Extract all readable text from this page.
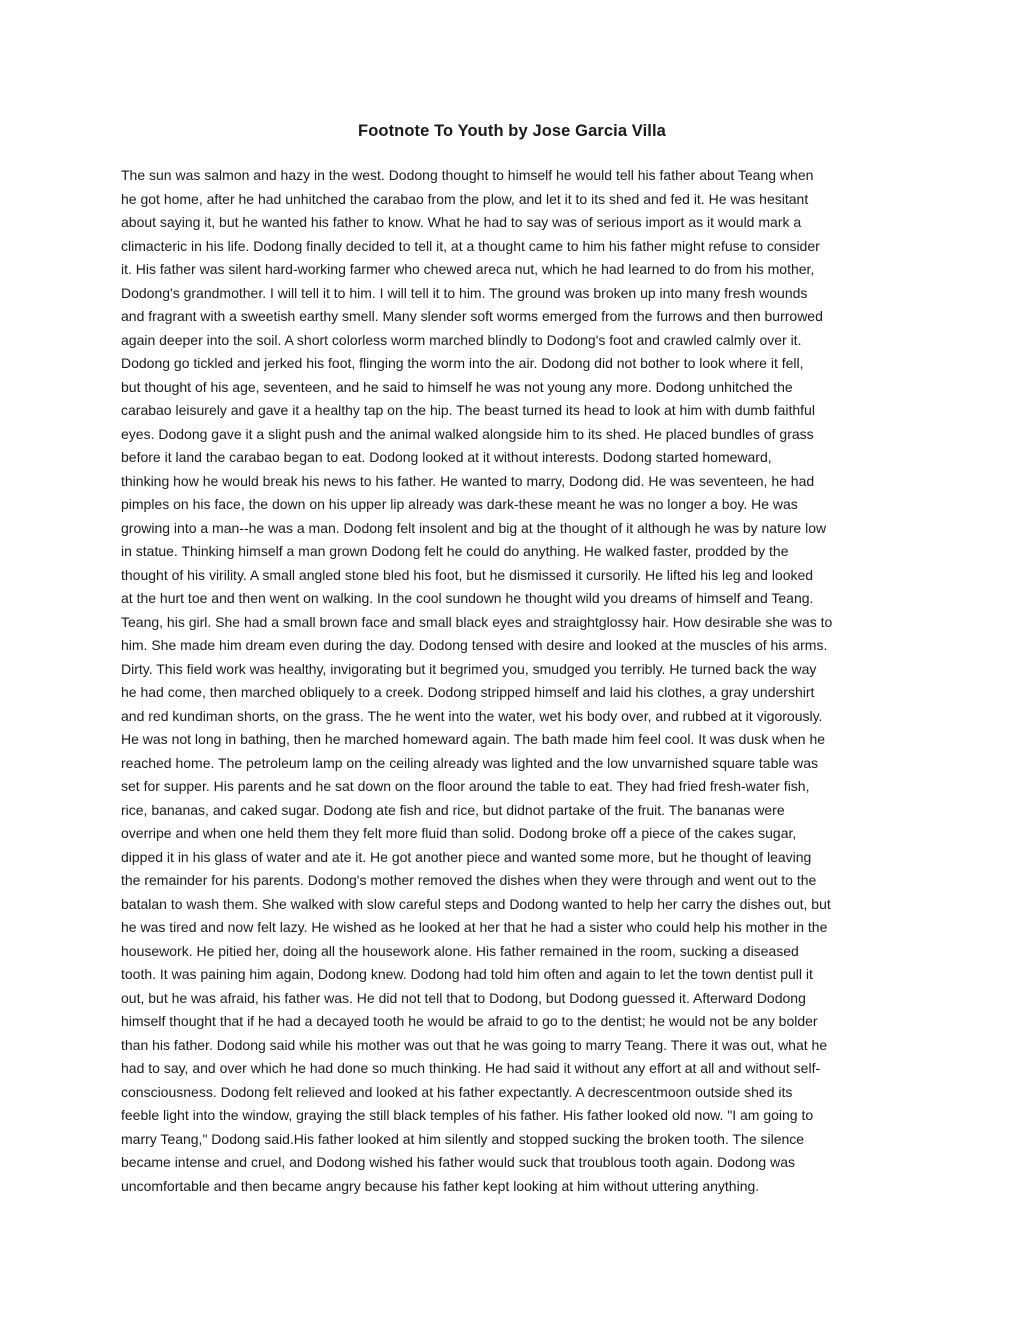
Footnote To Youth by Jose Garcia Villa
The sun was salmon and hazy in the west. Dodong thought to himself he would tell his father about Teang when
he got home, after he had unhitched the carabao from the plow, and let it to its shed and fed it. He was hesitant
about saying it, but he wanted his father to know. What he had to say was of serious import as it would mark a
climacteric in his life. Dodong finally decided to tell it, at a thought came to him his father might refuse to consider
it. His father was silent hard-working farmer who chewed areca nut, which he had learned to do from his mother,
Dodong's grandmother. I will tell it to him. I will tell it to him. The ground was broken up into many fresh wounds
and fragrant with a sweetish earthy smell. Many slender soft worms emerged from the furrows and then burrowed
again deeper into the soil. A short colorless worm marched blindly to Dodong's foot and crawled calmly over it.
Dodong go tickled and jerked his foot, flinging the worm into the air. Dodong did not bother to look where it fell,
but thought of his age, seventeen, and he said to himself he was not young any more. Dodong unhitched the
carabao leisurely and gave it a healthy tap on the hip. The beast turned its head to look at him with dumb faithful
eyes. Dodong gave it a slight push and the animal walked alongside him to its shed. He placed bundles of grass
before it land the carabao began to eat. Dodong looked at it without interests. Dodong started homeward,
thinking how he would break his news to his father. He wanted to marry, Dodong did. He was seventeen, he had
pimples on his face, the down on his upper lip already was dark-these meant he was no longer a boy. He was
growing into a man--he was a man. Dodong felt insolent and big at the thought of it although he was by nature low
in statue. Thinking himself a man grown Dodong felt he could do anything. He walked faster, prodded by the
thought of his virility. A small angled stone bled his foot, but he dismissed it cursorily. He lifted his leg and looked
at the hurt toe and then went on walking. In the cool sundown he thought wild you dreams of himself and Teang.
Teang, his girl. She had a small brown face and small black eyes and straightglossy hair. How desirable she was to
him. She made him dream even during the day. Dodong tensed with desire and looked at the muscles of his arms.
Dirty. This field work was healthy, invigorating but it begrimed you, smudged you terribly. He turned back the way
he had come, then marched obliquely to a creek. Dodong stripped himself and laid his clothes, a gray undershirt
and red kundiman shorts, on the grass. The he went into the water, wet his body over, and rubbed at it vigorously.
He was not long in bathing, then he marched homeward again. The bath made him feel cool. It was dusk when he
reached home. The petroleum lamp on the ceiling already was lighted and the low unvarnished square table was
set for supper. His parents and he sat down on the floor around the table to eat. They had fried fresh-water fish,
rice, bananas, and caked sugar. Dodong ate fish and rice, but didnot partake of the fruit. The bananas were
overripe and when one held them they felt more fluid than solid. Dodong broke off a piece of the cakes sugar,
dipped it in his glass of water and ate it. He got another piece and wanted some more, but he thought of leaving
the remainder for his parents. Dodong's mother removed the dishes when they were through and went out to the
batalan to wash them. She walked with slow careful steps and Dodong wanted to help her carry the dishes out, but
he was tired and now felt lazy. He wished as he looked at her that he had a sister who could help his mother in the
housework. He pitied her, doing all the housework alone. His father remained in the room, sucking a diseased
tooth. It was paining him again, Dodong knew. Dodong had told him often and again to let the town dentist pull it
out, but he was afraid, his father was. He did not tell that to Dodong, but Dodong guessed it. Afterward Dodong
himself thought that if he had a decayed tooth he would be afraid to go to the dentist; he would not be any bolder
than his father. Dodong said while his mother was out that he was going to marry Teang. There it was out, what he
had to say, and over which he had done so much thinking. He had said it without any effort at all and without self-
consciousness. Dodong felt relieved and looked at his father expectantly. A decrescentmoon outside shed its
feeble light into the window, graying the still black temples of his father. His father looked old now. "I am going to
marry Teang," Dodong said.His father looked at him silently and stopped sucking the broken tooth. The silence
became intense and cruel, and Dodong wished his father would suck that troublous tooth again. Dodong was
uncomfortable and then became angry because his father kept looking at him without uttering anything.
